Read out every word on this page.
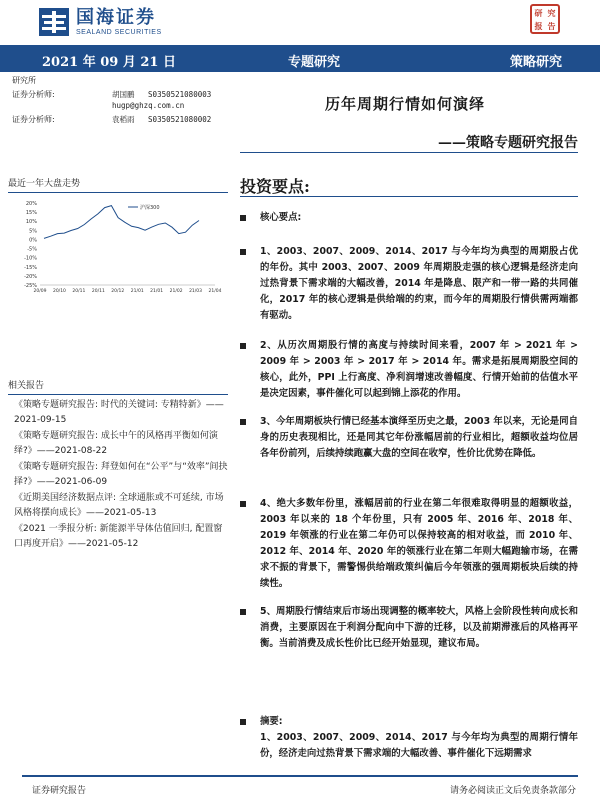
国海证券
SEALAND SECURITIES
研 究
报 告
2021 年 09 月 21 日	专题研究	策略研究
研究所
证券分析师:	胡国鹏 S0350521080003
hugp@ghzq.com.cn
证券分析师:	袁稻雨 S0350521080002
历年周期行情如何演绎
——策略专题研究报告
最近一年大盘走势
20%
15%
10%
5%
0%
-5%
-10%
-15%
-20%
-25%
20/09 20/10 20/11 20/11 20/12 21/01 21/01 21/02 21/03 21/04
沪深300
相关报告

《策略专题研究报告: 时代的关键词: 专精特新》——2021-09-15

《策略专题研究报告: 成长中午的风格再平衡如何演绎?》——2021-08-22

《策略专题研究报告: 拜登如何在“公平”与“效率”间抉择?》——2021-06-09

《近期美国经济数据点评: 全球通胀或不可延续, 市场风格将摆向成长》——2021-05-13

《2021 一季报分析: 新能源半导体估值回归, 配置窗口再度开启》——2021-05-12

投资要点:
核心要点:
1、2003、2007、2009、2014、2017 与今年均为典型的周期股占优的年份。其中 2003、2007、2009 年周期股走强的核心逻辑是经济走向过热背景下需求端的大幅改善，2014 年是降息、限产和一带一路的共同催化，2017 年的核心逻辑是供给端的约束，而今年的周期股行情供需两端都有驱动。
2、从历次周期股行情的高度与持续时间来看，2007 年 > 2021 年 > 2009 年 > 2003 年 > 2017 年 > 2014 年。需求是拓展周期股空间的核心，此外，PPI 上行高度、净利润增速改善幅度、行情开始前的估值水平是决定因素，事件催化可以起到锦上添花的作用。
3、今年周期板块行情已经基本演绎至历史之最，2003 年以来，无论是同自身的历史表现相比，还是同其它年份涨幅居前的行业相比，超额收益均位居各年份前列，后续持续跑赢大盘的空间在收窄，性价比优势在降低。
4、绝大多数年份里，涨幅居前的行业在第二年很难取得明显的超额收益，2003 年以来的 18 个年份里，只有 2005 年、2016 年、2018 年、2019 年领涨的行业在第二年仍可以保持较高的相对收益，而 2010 年、2012 年、2014 年、2020 年的领涨行业在第二年则大幅跑输市场，在需求不振的背景下，需警惕供给端政策纠偏后今年领涨的强周期板块后续的持续性。
5、周期股行情结束后市场出现调整的概率较大，风格上会阶段性转向成长和消费，主要原因在于利润分配向中下游的迁移，以及前期滞涨后的风格再平衡。当前消费及成长性价比已经开始显现，建议布局。
摘要:
1、2003、2007、2009、2014、2017 与今年均为典型的周期行情年份，经济走向过热背景下需求端的大幅改善、事件催化下远期需求
证券研究报告	请务必阅读正文后免责条款部分
